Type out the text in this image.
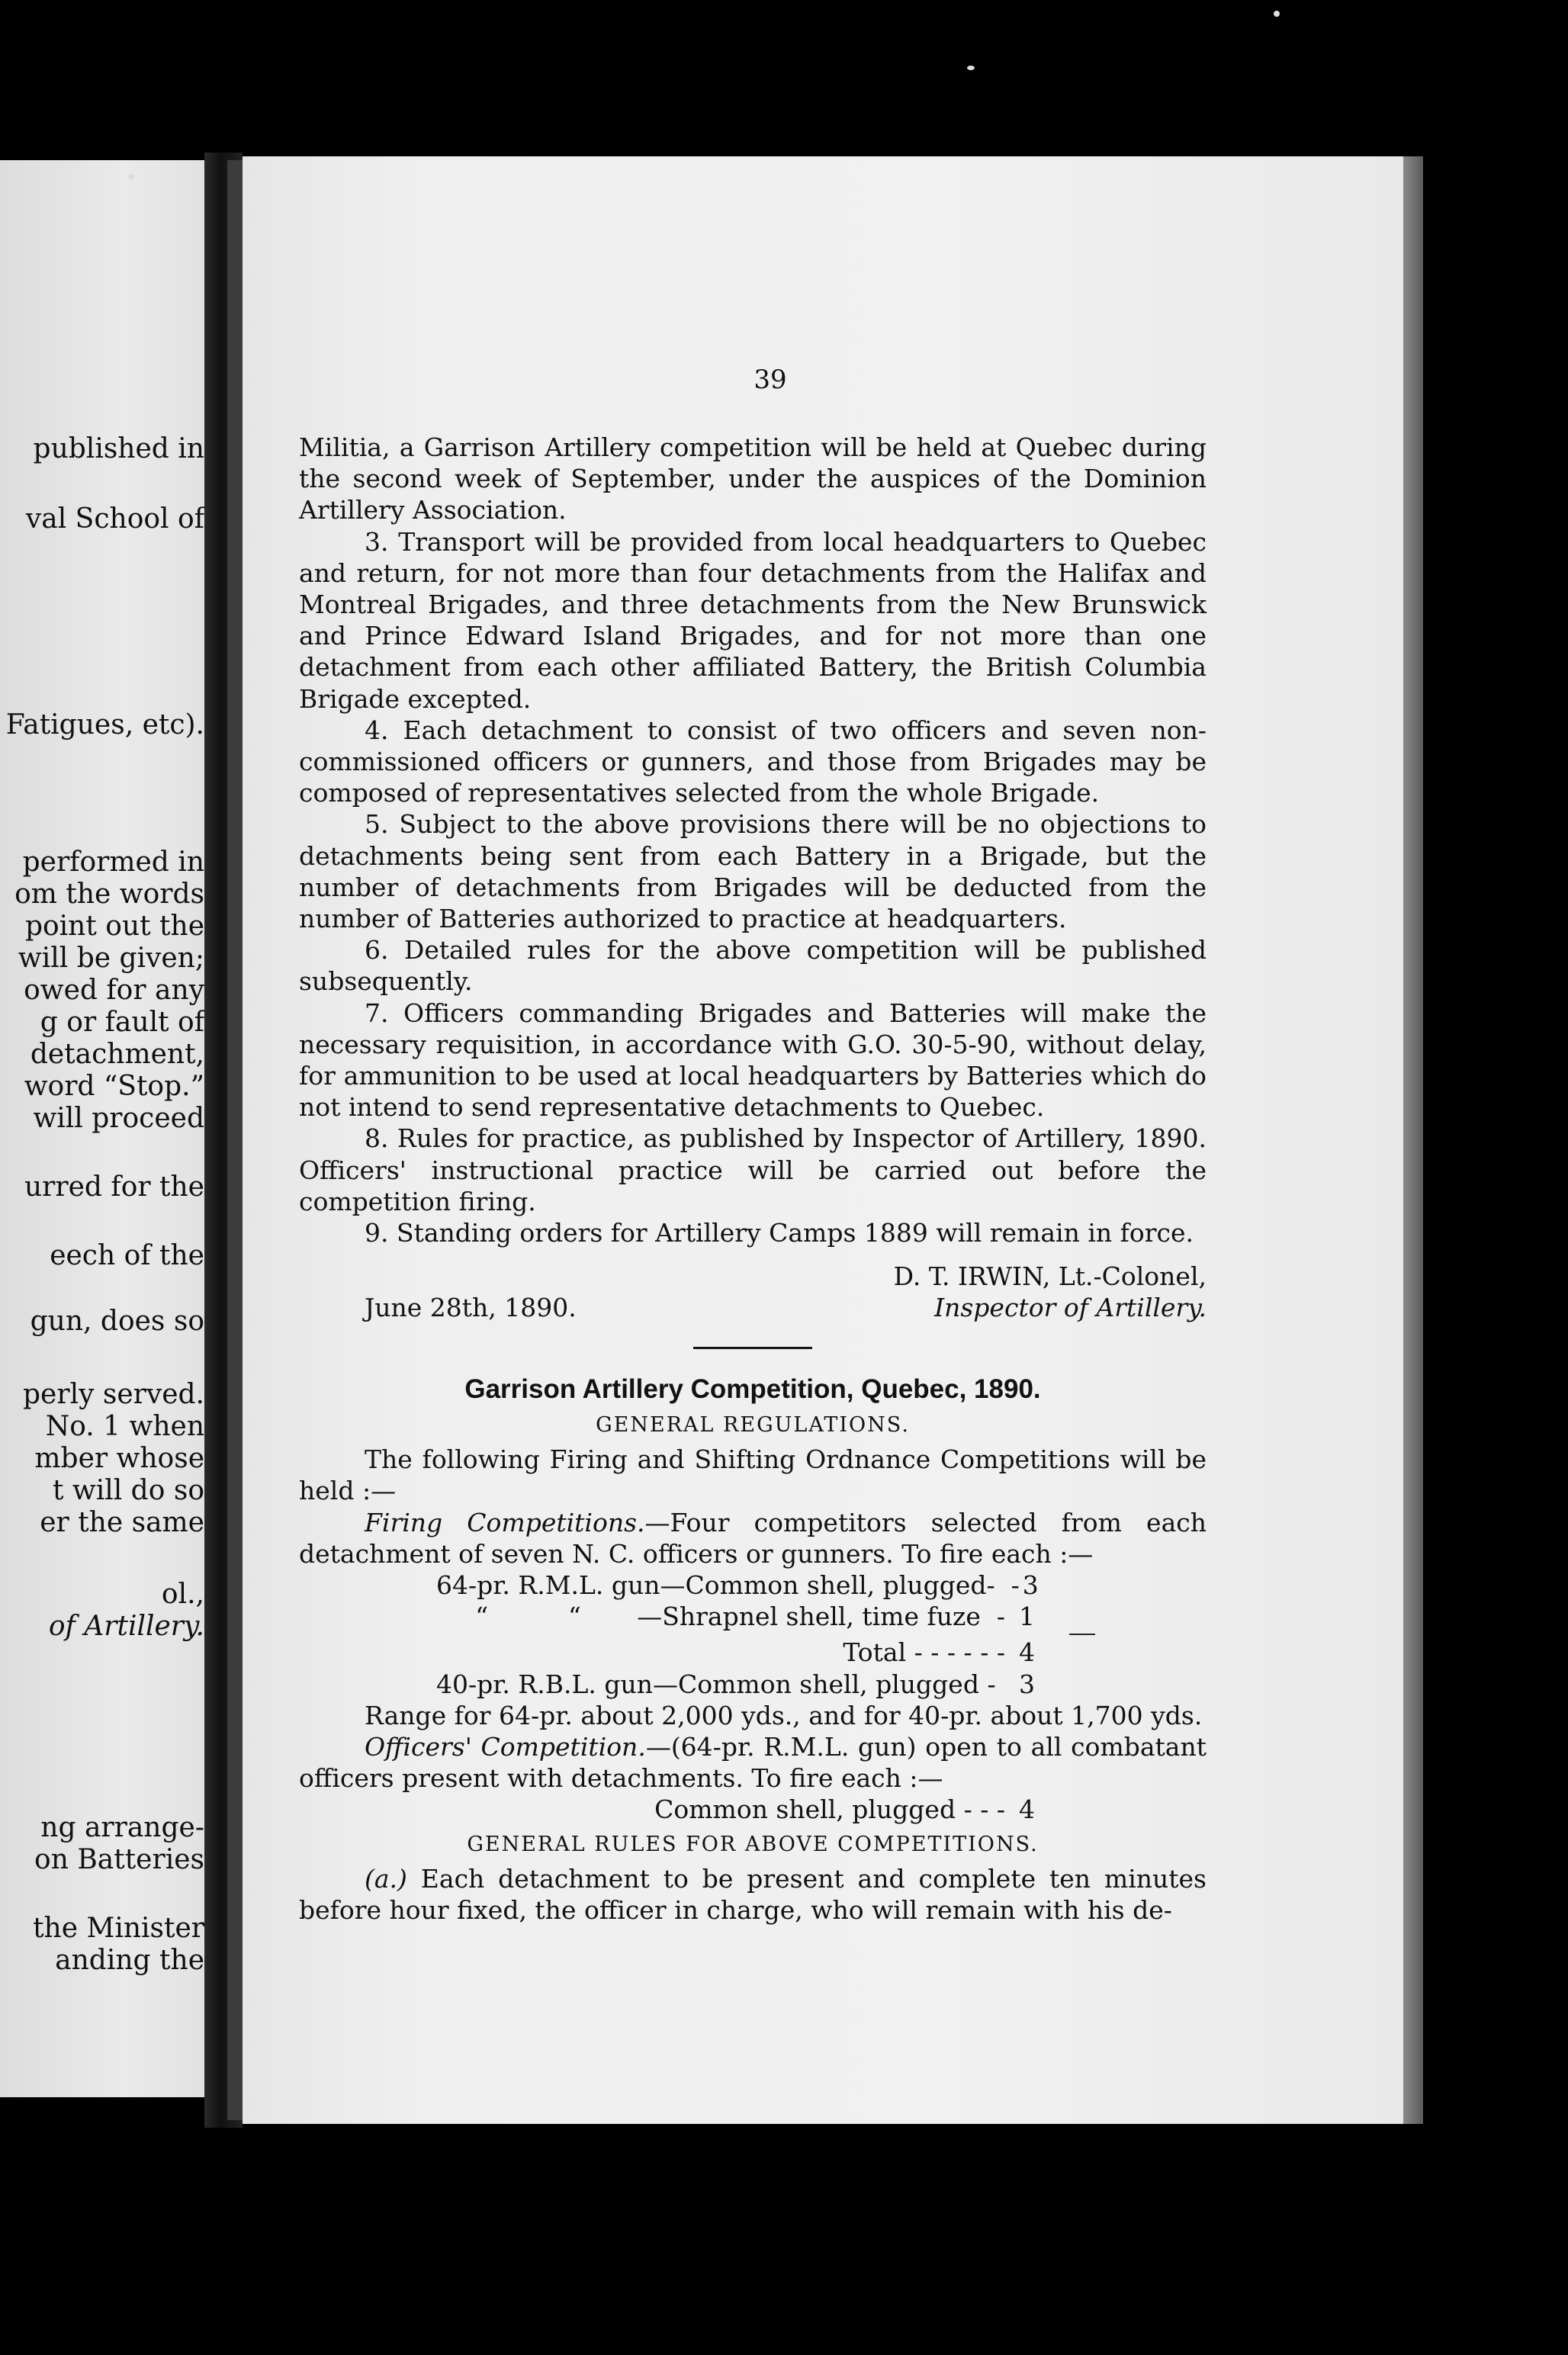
published in
val School of
Fatigues, etc).
performed in
om the words
point out the
will be given;
owed for any
g or fault of
detachment,
word “Stop.”
will proceed
urred for the
eech of the
gun, does so
perly served.
No. 1 when
mber whose
t will do so
er the same
ol.,
of Artillery.
ng arrange-
on Batteries
the Minister
anding the
39

Militia, a Garrison Artillery competition will be held at Quebec during the second week of September, under the auspices of the Dominion Artillery Association.

3. Transport will be provided from local headquarters to Quebec and return, for not more than four detachments from the Halifax and Montreal Brigades, and three detachments from the New Brunswick and Prince Edward Island Brigades, and for not more than one detachment from each other affiliated Battery, the British Columbia Brigade excepted.

4. Each detachment to consist of two officers and seven non-commissioned officers or gunners, and those from Brigades may be composed of representatives selected from the whole Brigade.

5. Subject to the above provisions there will be no objections to detachments being sent from each Battery in a Brigade, but the number of detachments from Brigades will be deducted from the number of Batteries authorized to practice at headquarters.

6. Detailed rules for the above competition will be published subsequently.

7. Officers commanding Brigades and Batteries will make the necessary requisition, in accordance with G.O. 30-5-90, without delay, for ammunition to be used at local headquarters by Batteries which do not intend to send representative detachments to Quebec.

8. Rules for practice, as published by Inspector of Artillery, 1890. Officers' instructional practice will be carried out before the competition firing.

9. Standing orders for Artillery Camps 1889 will remain in force.

June 28th, 1890.
D. T. IRWIN, Lt.-Colonel,
Inspector of Artillery.
Garrison Artillery Competition, Quebec, 1890.
GENERAL REGULATIONS.

The following Firing and Shifting Ordnance Competitions will be held :—

Firing Competitions.—Four competitors selected from each detachment of seven N. C. officers or gunners. To fire each :—

64-pr. R.M.L. gun—Common shell, plugged-  - 3
“          “       —Shrapnel shell, time fuze  - 1
Total - - - - - - 4
40-pr. R.B.L. gun—Common shell, plugged - 3

Range for 64-pr. about 2,000 yds., and for 40-pr. about 1,700 yds.

Officers' Competition.—(64-pr. R.M.L. gun) open to all combatant officers present with detachments. To fire each :—

Common shell, plugged - - - 4
GENERAL RULES FOR ABOVE COMPETITIONS.

(a.) Each detachment to be present and complete ten minutes before hour fixed, the officer in charge, who will remain with his de-
